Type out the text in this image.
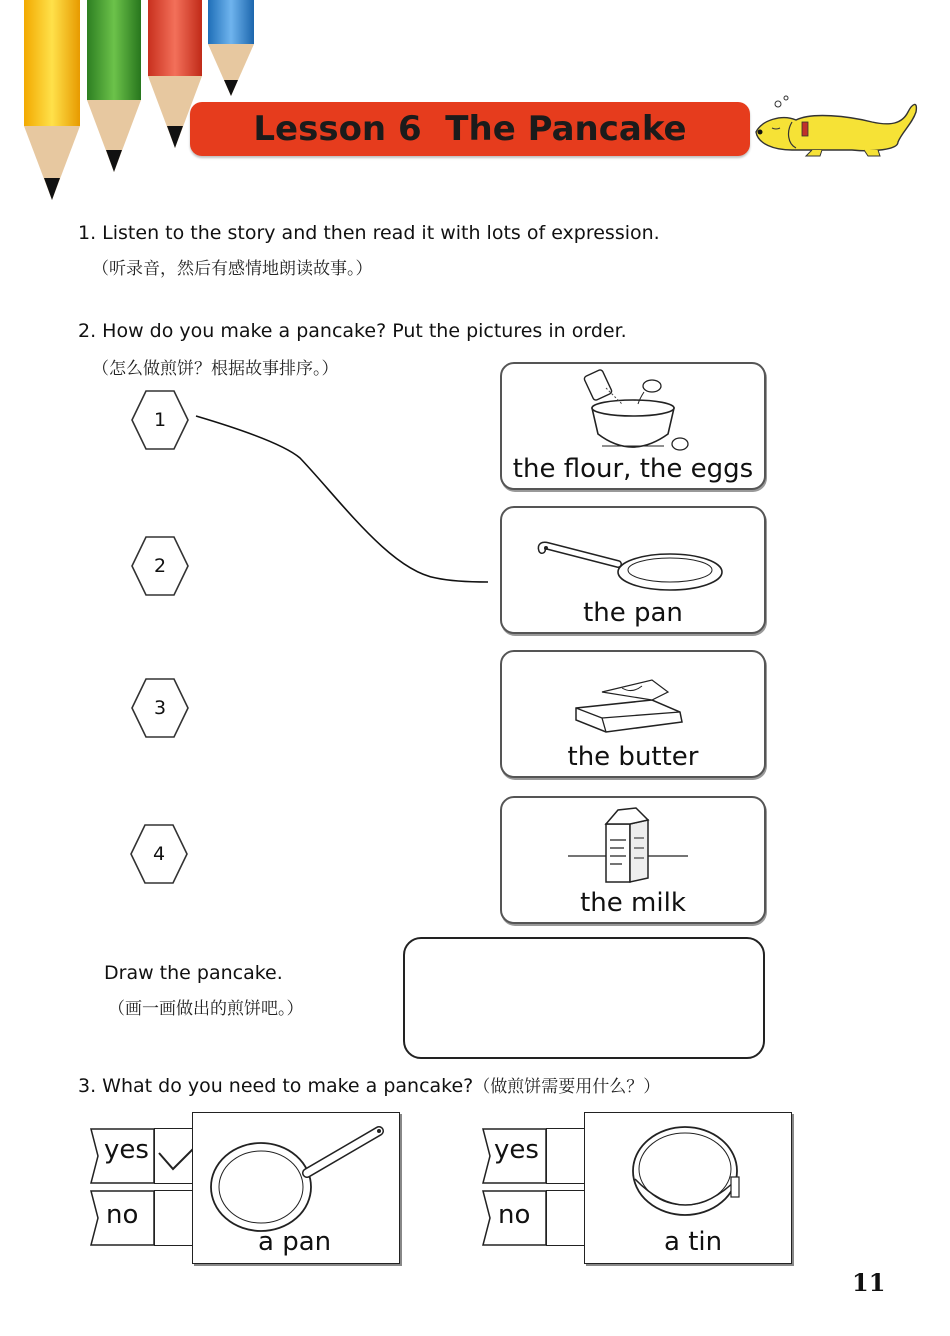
Lesson 6  The Pancake
1. Listen to the story and then read it with lots of expression.
（听录音，然后有感情地朗读故事。）
2. How do you make a pancake? Put the pictures in order.
（怎么做煎饼？根据故事排序。）
1
2
3
4
the flour, the eggs
the pan
the butter
the milk
Draw the pancake.
（画一画做出的煎饼吧。）
3. What do you need to make a pancake?（做煎饼需要用什么？）
yes
no
a pan
yes
no
a tin
11
